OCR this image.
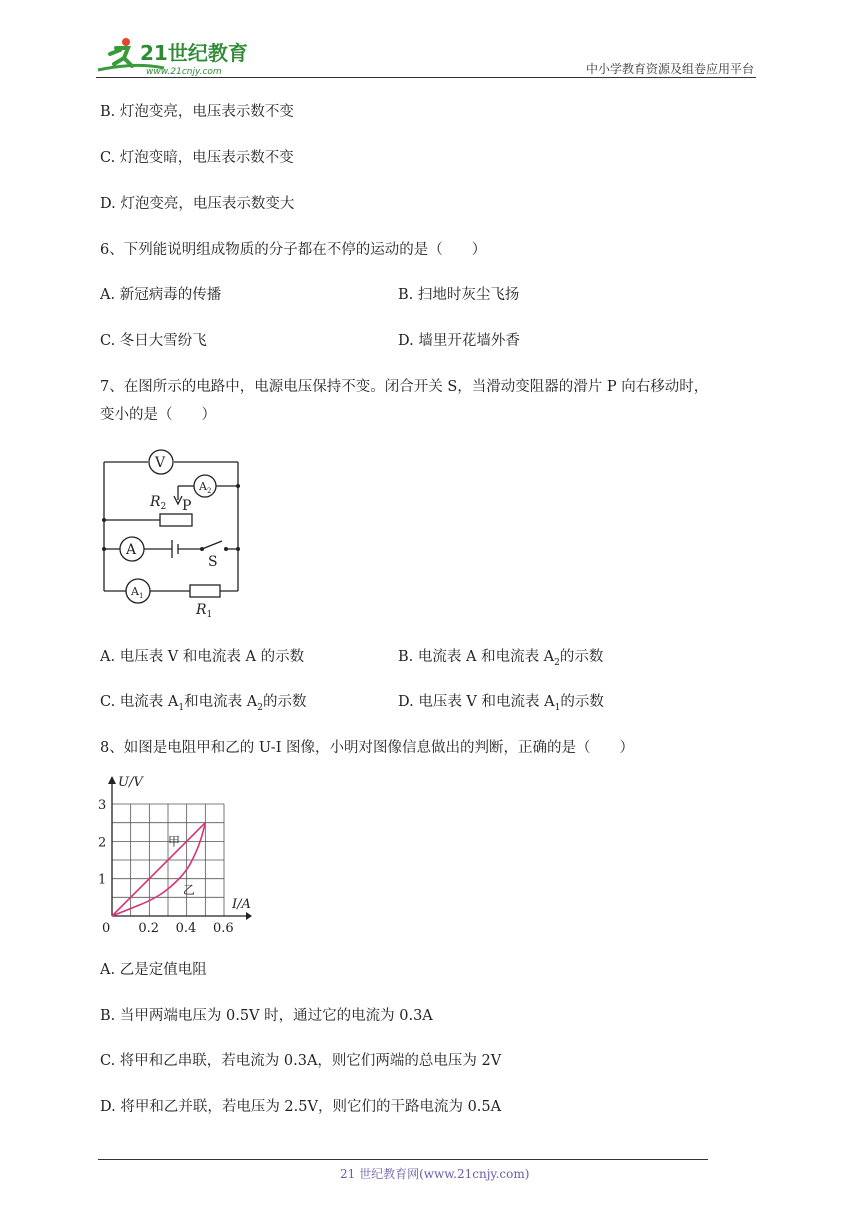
21世纪教育
www.21cnjy.com	中小学教育资源及组卷应用平台
B. 灯泡变亮，电压表示数不变
C. 灯泡变暗，电压表示数不变
D. 灯泡变亮，电压表示数变大
6、下列能说明组成物质的分子都在不停的运动的是（　　）
A. 新冠病毒的传播	B. 扫地时灰尘飞扬
C. 冬日大雪纷飞	D. 墙里开花墙外香
7、在图所示的电路中，电源电压保持不变。闭合开关 S，当滑动变阻器的滑片 P 向右移动时，
变小的是（　　）
V
$A_2$
A
$A_1$
$R_2$ P
S
$R_1$
A. 电压表 V 和电流表 A 的示数	B. 电流表 A 和电流表 $A_2$的示数
C. 电流表 $A_1$和电流表 $A_2$的示数	D. 电压表 V 和电流表 $A_1$的示数
8、如图是电阻甲和乙的 U-I 图像，小明对图像信息做出的判断，正确的是（　　）
0 0.2 0.4 0.6
1
2
3
U/V
I/A
甲
乙
A. 乙是定值电阻
B. 当甲两端电压为 0.5V 时，通过它的电流为 0.3A
C. 将甲和乙串联，若电流为 0.3A，则它们两端的总电压为 2V
D. 将甲和乙并联，若电压为 2.5V，则它们的干路电流为 0.5A
21 世纪教育网(www.21cnjy.com)
